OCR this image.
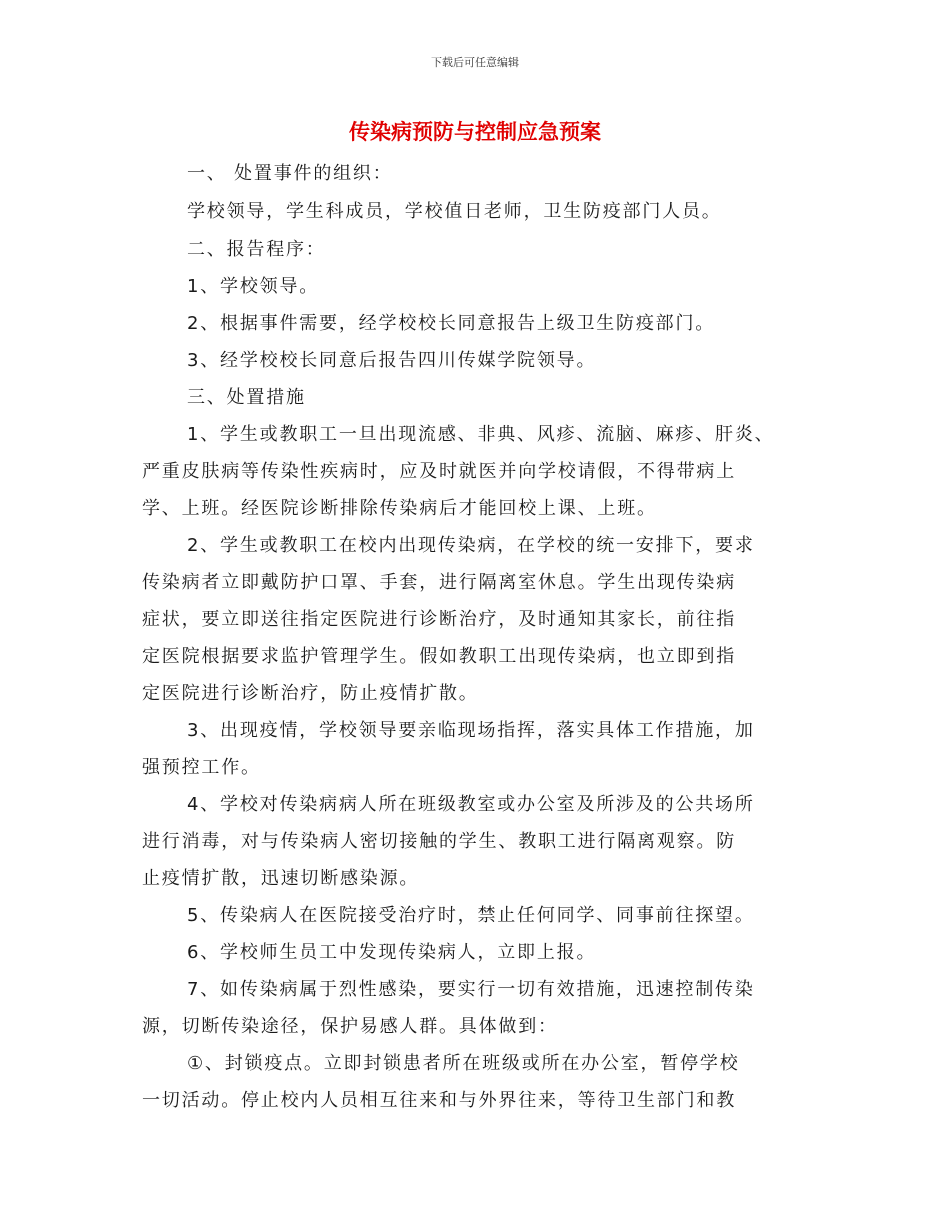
下载后可任意编辑
传染病预防与控制应急预案
一、 处置事件的组织：
学校领导，学生科成员，学校值日老师，卫生防疫部门人员。
二、报告程序：
1、学校领导。
2、根据事件需要，经学校校长同意报告上级卫生防疫部门。
3、经学校校长同意后报告四川传媒学院领导。
三、处置措施
1、学生或教职工一旦出现流感、非典、风疹、流脑、麻疹、肝炎、
严重皮肤病等传染性疾病时，应及时就医并向学校请假，不得带病上
学、上班。经医院诊断排除传染病后才能回校上课、上班。
2、学生或教职工在校内出现传染病，在学校的统一安排下，要求
传染病者立即戴防护口罩、手套，进行隔离室休息。学生出现传染病
症状，要立即送往指定医院进行诊断治疗，及时通知其家长，前往指
定医院根据要求监护管理学生。假如教职工出现传染病，也立即到指
定医院进行诊断治疗，防止疫情扩散。
3、出现疫情，学校领导要亲临现场指挥，落实具体工作措施，加
强预控工作。
4、学校对传染病病人所在班级教室或办公室及所涉及的公共场所
进行消毒，对与传染病人密切接触的学生、教职工进行隔离观察。防
止疫情扩散，迅速切断感染源。
5、传染病人在医院接受治疗时，禁止任何同学、同事前往探望。
6、学校师生员工中发现传染病人，立即上报。
7、如传染病属于烈性感染，要实行一切有效措施，迅速控制传染
源，切断传染途径，保护易感人群。具体做到：
①、封锁疫点。立即封锁患者所在班级或所在办公室，暂停学校
一切活动。停止校内人员相互往来和与外界往来，等待卫生部门和教
